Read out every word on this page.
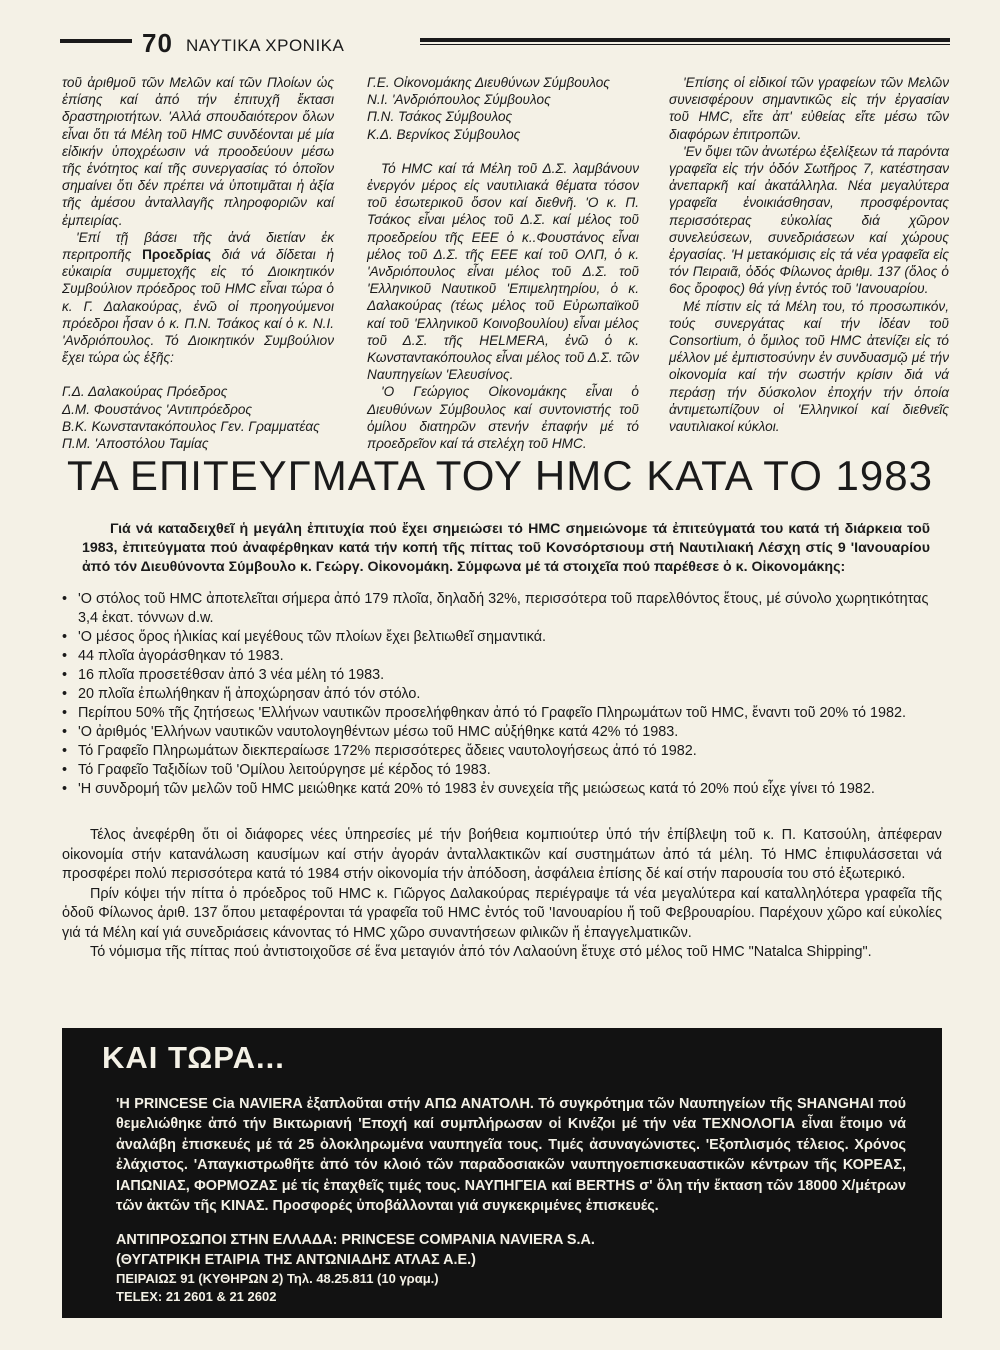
70 ΝΑΥΤΙΚΑ ΧΡΟΝΙΚΑ

τοῦ ἀριθμοῦ τῶν Μελῶν καί τῶν Πλοίων ὡς ἐπίσης καί ἀπό τήν ἐπιτυχῆ ἔκτασι δραστηριοτήτων. 'Αλλά σπουδαιότερον ὅλων εἶναι ὅτι τά Μέλη τοῦ HMC συνδέονται μέ μία εἰδικήν ὑποχρέωσιν νά προοδεύουν μέσω τῆς ἑνότητος καί τῆς συνεργασίας τό ὁποῖον σημαίνει ὅτι δέν πρέπει νά ὑποτιμᾶται ἡ ἀξία τῆς ἀμέσου ἀνταλλαγῆς πληροφοριῶν καί ἐμπειρίας.

'Επί τῇ βάσει τῆς ἀνά διετίαν ἐκ περιτροπῆς Προεδρίας διά νά δίδεται ἡ εὐκαιρία συμμετοχῆς εἰς τό Διοικητικόν Συμβούλιον πρόεδρος τοῦ HMC εἶναι τώρα ὁ κ. Γ. Δαλακούρας, ἐνῶ οἱ προηγούμενοι πρόεδροι ἦσαν ὁ κ. Π.Ν. Τσάκος καί ὁ κ. Ν.Ι. 'Ανδριόπουλος. Τό Διοικητικόν Συμβούλιον ἔχει τώρα ὡς ἑξῆς:

Γ.Δ. Δαλακούρας Πρόεδρος

Δ.Μ. Φουστάνος 'Αντιπρόεδρος

Β.Κ. Κωνσταντακόπουλος Γεν. Γραμματέας

Π.Μ. 'Αποστόλου Ταμίας

Γ.Ε. Οἰκονομάκης Διευθύνων Σύμβουλος

Ν.Ι. 'Ανδριόπουλος Σύμβουλος

Π.Ν. Τσάκος Σύμβουλος

Κ.Δ. Βερνίκος Σύμβουλος

Τό HMC καί τά Μέλη τοῦ Δ.Σ. λαμβάνουν ἐνεργόν μέρος εἰς ναυτιλιακά θέματα τόσον τοῦ ἐσωτερικοῦ ὅσον καί διεθνῆ. 'Ο κ. Π. Τσάκος εἶναι μέλος τοῦ Δ.Σ. καί μέλος τοῦ προεδρείου τῆς ΕΕΕ ὁ κ..Φουστάνος εἶναι μέλος τοῦ Δ.Σ. τῆς ΕΕΕ καί τοῦ ΟΛΠ, ὁ κ. 'Ανδριόπουλος εἶναι μέλος τοῦ Δ.Σ. τοῦ 'Ελληνικοῦ Ναυτικοῦ 'Επιμελητηρίου, ὁ κ. Δαλακούρας (τέως μέλος τοῦ Εὐρωπαϊκοῦ καί τοῦ 'Ελληνικοῦ Κοινοβουλίου) εἶναι μέλος τοῦ Δ.Σ. τῆς HELMERA, ἐνῶ ὁ κ. Κωνσταντακόπουλος εἶναι μέλος τοῦ Δ.Σ. τῶν Ναυπηγείων 'Ελευσίνος.

'Ο Γεώργιος Οἰκονομάκης εἶναι ὁ Διευθύνων Σύμβουλος καί συντονιστής τοῦ ὁμίλου διατηρῶν στενήν ἐπαφήν μέ τό προεδρεῖον καί τά στελέχη τοῦ HMC.

'Επίσης οἱ εἰδικοί τῶν γραφείων τῶν Μελῶν συνεισφέρουν σημαντικῶς εἰς τήν ἐργασίαν τοῦ HMC, εἴτε ἀπ' εὐθείας εἴτε μέσω τῶν διαφόρων ἐπιτροπῶν.

'Εν ὄψει τῶν ἀνωτέρω ἐξελίξεων τά παρόντα γραφεῖα εἰς τήν ὁδόν Σωτῆρος 7, κατέστησαν ἀνεπαρκῆ καί ἀκατάλληλα. Νέα μεγαλύτερα γραφεῖα ἐνοικιάσθησαν, προσφέροντας περισσότερας εὐκολίας διά χῶρον συνελεύσεων, συνεδριάσεων καί χώρους ἐργασίας. 'Η μετακόμισις εἰς τά νέα γραφεῖα εἰς τόν Πειραιᾶ, ὁδός Φίλωνος ἀριθμ. 137 (ὅλος ὁ 6ος ὄροφος) θά γίνῃ ἐντός τοῦ 'Ιανουαρίου.

Μέ πίστιν εἰς τά Μέλη του, τό προσωπικόν, τούς συνεργάτας καί τήν ἰδέαν τοῦ Consortium, ὁ ὅμιλος τοῦ HMC ἀτενίζει εἰς τό μέλλον μέ ἐμπιστοσύνην ἐν συνδυασμῷ μέ τήν οἰκονομία καί τήν σωστήν κρίσιν διά νά περάσῃ τήν δύσκολον ἐποχήν τήν ὁποία ἀντιμετωπίζουν οἱ 'Ελληνικοί καί διεθνεῖς ναυτιλιακοί κύκλοι.

ΤΑ ΕΠΙΤΕΥΓΜΑΤΑ ΤΟΥ HMC ΚΑΤΑ ΤΟ 1983

Γιά νά καταδειχθεῖ ἡ μεγάλη ἐπιτυχία πού ἔχει σημειώσει τό HMC σημειώνομε τά ἐπιτεύγματά του κατά τή διάρκεια τοῦ 1983, ἐπιτεύγματα πού ἀναφέρθηκαν κατά τήν κοπή τῆς πίττας τοῦ Κονσόρτσιουμ στή Ναυτιλιακή Λέσχη στίς 9 'Ιανουαρίου ἀπό τόν Διευθύνοντα Σύμβουλο κ. Γεώργ. Οἰκονομάκη. Σύμφωνα μέ τά στοιχεῖα πού παρέθεσε ὁ κ. Οἰκονομάκης:

• 'Ο στόλος τοῦ HMC ἀποτελεῖται σήμερα ἀπό 179 πλοῖα, δηλαδή 32%, περισσότερα τοῦ παρελθόντος ἔτους, μέ σύνολο χωρητικότητας 3,4 ἑκατ. τόννων d.w.
• 'Ο μέσος ὅρος ἡλικίας καί μεγέθους τῶν πλοίων ἔχει βελτιωθεῖ σημαντικά.
• 44 πλοῖα ἀγοράσθηκαν τό 1983.
• 16 πλοῖα προσετέθσαν ἀπό 3 νέα μέλη τό 1983.
• 20 πλοῖα ἐπωλήθηκαν ἤ ἀποχώρησαν ἀπό τόν στόλο.
• Περίπου 50% τῆς ζητήσεως 'Ελλήνων ναυτικῶν προσελήφθηκαν ἀπό τό Γραφεῖο Πληρωμάτων τοῦ HMC, ἔναντι τοῦ 20% τό 1982.
• 'Ο ἀριθμός 'Ελλήνων ναυτικῶν ναυτολογηθέντων μέσω τοῦ HMC αὐξήθηκε κατά 42% τό 1983.
• Τό Γραφεῖο Πληρωμάτων διεκπεραίωσε 172% περισσότερες ἄδειες ναυτολογήσεως ἀπό τό 1982.
• Τό Γραφεῖο Ταξιδίων τοῦ 'Ομίλου λειτούργησε μέ κέρδος τό 1983.
• 'Η συνδρομή τῶν μελῶν τοῦ HMC μειώθηκε κατά 20% τό 1983 ἐν συνεχεία τῆς μειώσεως κατά τό 20% πού εἶχε γίνει τό 1982.

Τέλος ἀνεφέρθη ὅτι οἱ διάφορες νέες ὑπηρεσίες μέ τήν βοήθεια κομπιούτερ ὑπό τήν ἐπίβλεψη τοῦ κ. Π. Κατσούλη, ἀπέφεραν οἰκονομία στήν κατανάλωση καυσίμων καί στήν ἀγοράν ἀνταλλακτικῶν καί συστημάτων ἀπό τά μέλη. Τό HMC ἐπιφυλάσσεται νά προσφέρει πολύ περισσότερα κατά τό 1984 στήν οἰκονομία τήν ἀπόδοση, ἀσφάλεια ἐπίσης δέ καί στήν παρουσία του στό ἐξωτερικό.

Πρίν κόψει τήν πίττα ὁ πρόεδρος τοῦ HMC κ. Γιῶργος Δαλακούρας περιέγραψε τά νέα μεγαλύτερα καί καταλληλότερα γραφεῖα τῆς ὁδοῦ Φίλωνος ἀριθ. 137 ὅπου μεταφέρονται τά γραφεῖα τοῦ HMC ἐντός τοῦ 'Ιανουαρίου ἤ τοῦ Φεβρουαρίου. Παρέχουν χῶρο καί εὐκολίες γιά τά Μέλη καί γιά συνεδριάσεις κάνοντας τό HMC χῶρο συναντήσεων φιλικῶν ἤ ἐπαγγελματικῶν.

Τό νόμισμα τῆς πίττας πού ἀντιστοιχοῦσε σέ ἕνα μεταγιόν ἀπό τόν Λαλαούνη ἔτυχε στό μέλος τοῦ HMC "Natalca Shipping".

ΚΑΙ ΤΩΡΑ...

'Η PRINCESE Cia NAVIERA ἐξαπλοῦται στήν ΑΠΩ ΑΝΑΤΟΛΗ. Τό συγκρότημα τῶν Ναυπηγείων τῆς SHANGHAI πού θεμελιώθηκε ἀπό τήν Βικτωριανή 'Εποχή καί συμπλήρωσαν οἱ Κινέζοι μέ τήν νέα ΤΕΧΝΟΛΟΓΙΑ εἶναι ἕτοιμο νά ἀναλάβη ἐπισκευές μέ τά 25 ὁλοκληρωμένα ναυπηγεῖα τους. Τιμές ἀσυναγώνιστες. 'Εξοπλισμός τέλειος. Χρόνος ἐλάχιστος. 'Απαγκιστρωθῆτε ἀπό τόν κλοιό τῶν παραδοσιακῶν ναυπηγοεπισκευαστικῶν κέντρων τῆς ΚΟΡΕΑΣ, ΙΑΠΩΝΙΑΣ, ΦΟΡΜΟΖΑΣ μέ τίς ἐπαχθεῖς τιμές τους. ΝΑΥΠΗΓΕΙΑ καί BERTHS σ' ὅλη τήν ἔκταση τῶν 18000 Χ/μέτρων τῶν ἀκτῶν τῆς ΚΙΝΑΣ. Προσφορές ὑποβάλλονται γιά συγκεκριμένες ἐπισκευές.

ΑΝΤΙΠΡΟΣΩΠΟΙ ΣΤΗΝ ΕΛΛΑΔΑ: PRINCESE COMPANIA NAVIERA S.A.
(ΘΥΓΑΤΡΙΚΗ ΕΤΑΙΡΙΑ ΤΗΣ ΑΝΤΩΝΙΑΔΗΣ ΑΤΛΑΣ Α.Ε.)
ΠΕΙΡΑΙΩΣ 91 (ΚΥΘΗΡΩΝ 2) Τηλ. 48.25.811 (10 γραμ.)
TELEX: 21 2601 & 21 2602
